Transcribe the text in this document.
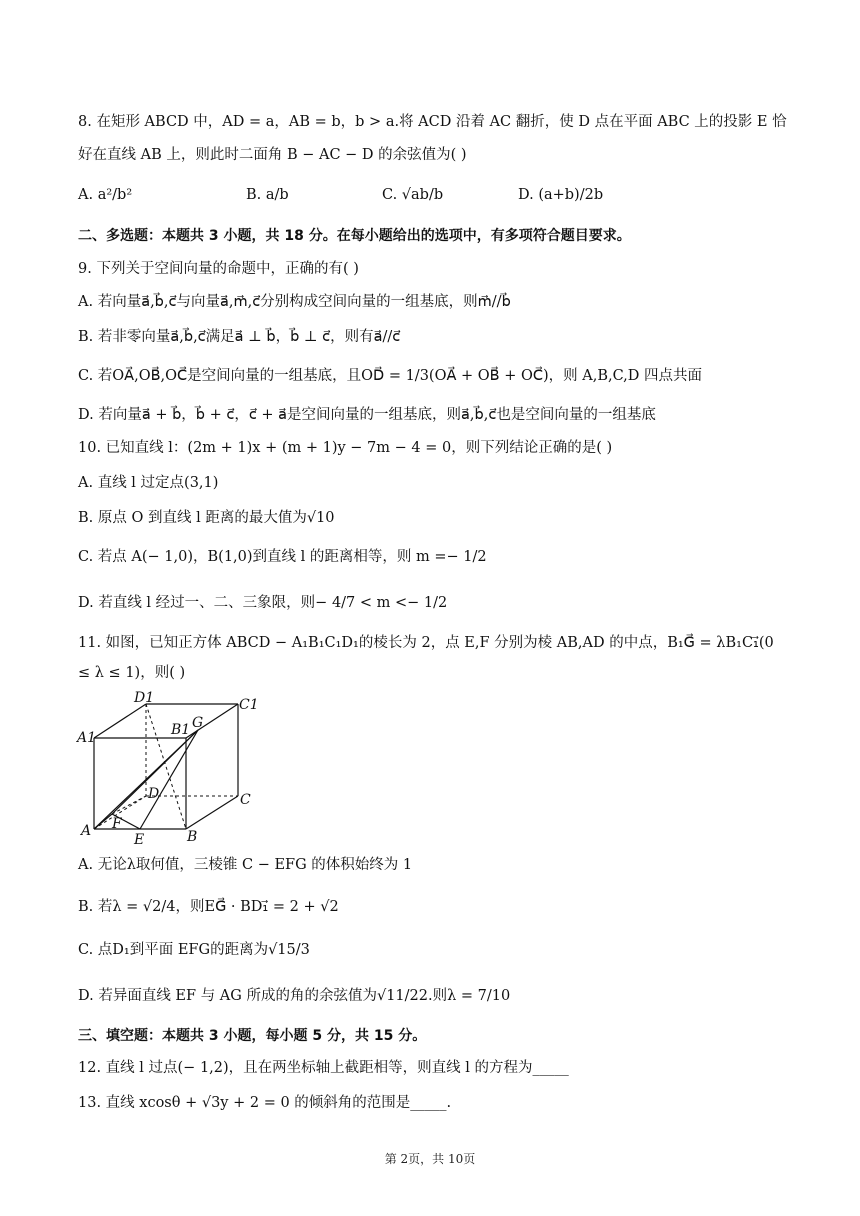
8. 在矩形 ABCD 中，AD = a，AB = b，b > a.将 ACD 沿着 AC 翻折，使 D 点在平面 ABC 上的投影 E 恰
好在直线 AB 上，则此时二面角 B − AC − D 的余弦值为( )
A. a²/b²	B. a/b	C. √ab/b	D. (a+b)/2b
二、多选题：本题共 3 小题，共 18 分。在每小题给出的选项中，有多项符合题目要求。
9. 下列关于空间向量的命题中，正确的有( )
A. 若向量a⃗,b⃗,c⃗与向量a⃗,m⃗,c⃗分别构成空间向量的一组基底，则m⃗//b⃗
B. 若非零向量a⃗,b⃗,c⃗满足a⃗ ⊥ b⃗，b⃗ ⊥ c⃗，则有a⃗//c⃗
C. 若OA⃗,OB⃗,OC⃗是空间向量的一组基底，且OD⃗ = 1/3(OA⃗ + OB⃗ + OC⃗)，则 A,B,C,D 四点共面
D. 若向量a⃗ + b⃗，b⃗ + c⃗，c⃗ + a⃗是空间向量的一组基底，则a⃗,b⃗,c⃗也是空间向量的一组基底
10. 已知直线 l：(2m + 1)x + (m + 1)y − 7m − 4 = 0，则下列结论正确的是( )
A. 直线 l 过定点(3,1)
B. 原点 O 到直线 l 距离的最大值为√10
C. 若点 A(− 1,0)，B(1,0)到直线 l 的距离相等，则 m =− 1/2
D. 若直线 l 经过一、二、三象限，则− 4/7 < m <− 1/2
11. 如图，已知正方体 ABCD − A₁B₁C₁D₁的棱长为 2，点 E,F 分别为棱 AB,AD 的中点，B₁G⃗ = λB₁C₁⃗(0 ≤ λ ≤ 1)，则( )
D1	C1
A1	B1 G
D	C
A F
E	B
A. 无论λ取何值，三棱锥 C − EFG 的体积始终为 1
B. 若λ = √2/4，则EG⃗ · BD₁⃗ = 2 + √2
C. 点D₁到平面 EFG的距离为√15/3
D. 若异面直线 EF 与 AG 所成的角的余弦值为√11/22.则λ = 7/10
三、填空题：本题共 3 小题，每小题 5 分，共 15 分。
12. 直线 l 过点(− 1,2)，且在两坐标轴上截距相等，则直线 l 的方程为_____
13. 直线 xcosθ + √3y + 2 = 0 的倾斜角的范围是_____.
第 2页，共 10页
